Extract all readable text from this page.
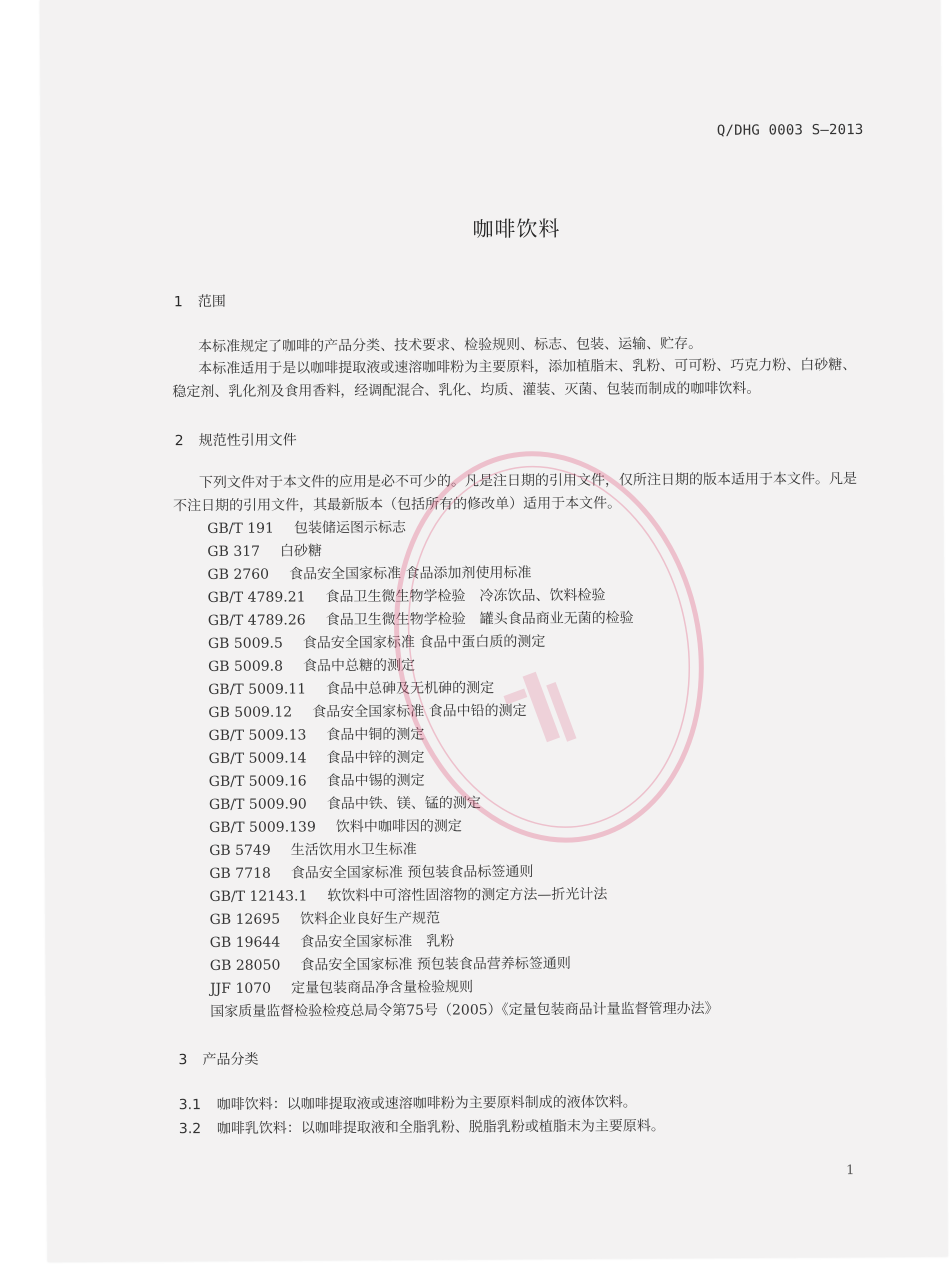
Q/DHG 0003 S—2013
咖啡饮料
1 范围
本标准规定了咖啡的产品分类、技术要求、检验规则、标志、包装、运输、贮存。
本标准适用于是以咖啡提取液或速溶咖啡粉为主要原料，添加植脂末、乳粉、可可粉、巧克力粉、白砂糖、稳定剂、乳化剂及食用香料，经调配混合、乳化、均质、灌装、灭菌、包装而制成的咖啡饮料。
2 规范性引用文件
下列文件对于本文件的应用是必不可少的。凡是注日期的引用文件，仅所注日期的版本适用于本文件。凡是不注日期的引用文件，其最新版本（包括所有的修改单）适用于本文件。
GB/T 191 包装储运图示标志
GB 317 白砂糖
GB 2760 食品安全国家标准 食品添加剂使用标准
GB/T 4789.21 食品卫生微生物学检验　冷冻饮品、饮料检验
GB/T 4789.26 食品卫生微生物学检验　罐头食品商业无菌的检验
GB 5009.5 食品安全国家标准 食品中蛋白质的测定
GB 5009.8 食品中总糖的测定
GB/T 5009.11 食品中总砷及无机砷的测定
GB 5009.12 食品安全国家标准 食品中铅的测定
GB/T 5009.13 食品中铜的测定
GB/T 5009.14 食品中锌的测定
GB/T 5009.16 食品中锡的测定
GB/T 5009.90 食品中铁、镁、锰的测定
GB/T 5009.139 饮料中咖啡因的测定
GB 5749 生活饮用水卫生标准
GB 7718 食品安全国家标准 预包装食品标签通则
GB/T 12143.1 软饮料中可溶性固溶物的测定方法—折光计法
GB 12695 饮料企业良好生产规范
GB 19644 食品安全国家标准　乳粉
GB 28050 食品安全国家标准 预包装食品营养标签通则
JJF 1070 定量包装商品净含量检验规则
国家质量监督检验检疫总局令第75号（2005）《定量包装商品计量监督管理办法》
3 产品分类
3.1 咖啡饮料：以咖啡提取液或速溶咖啡粉为主要原料制成的液体饮料。
3.2 咖啡乳饮料：以咖啡提取液和全脂乳粉、脱脂乳粉或植脂末为主要原料。
1
